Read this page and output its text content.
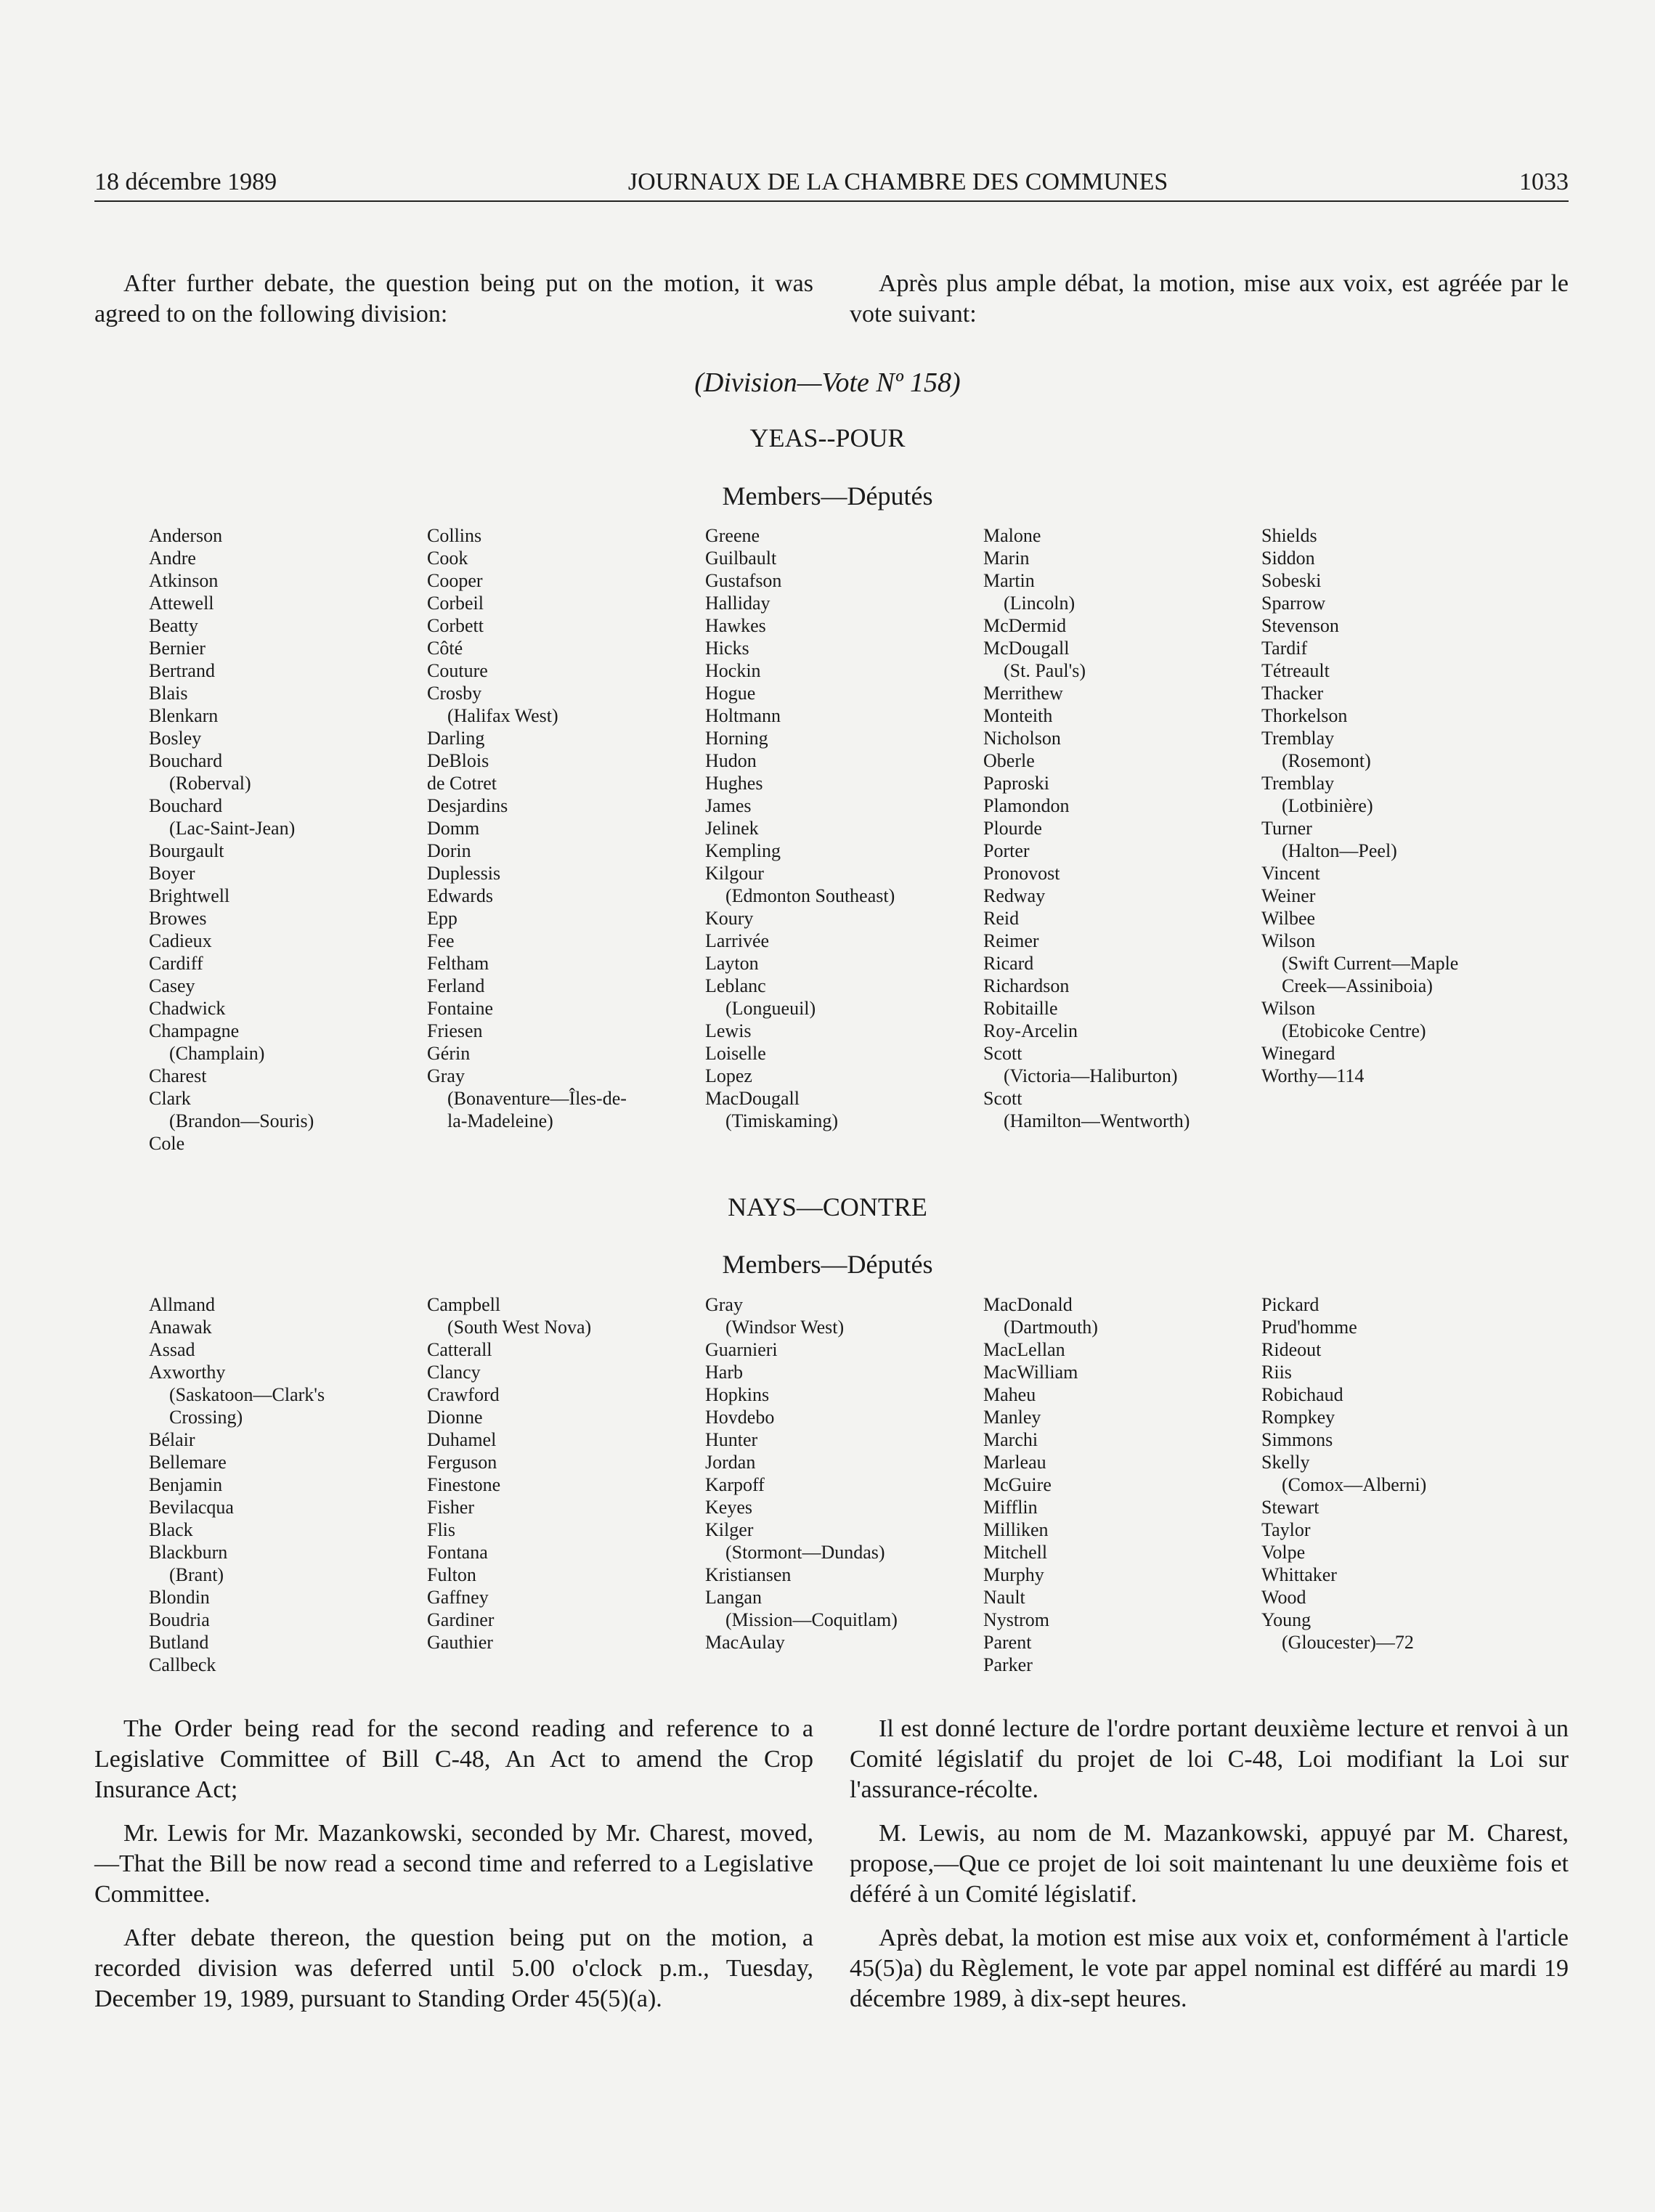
18 décembre 1989	JOURNAUX DE LA CHAMBRE DES COMMUNES	1033
After further debate, the question being put on the motion, it was agreed to on the following division:
Après plus ample débat, la motion, mise aux voix, est agréée par le vote suivant:
(Division—Vote Nº 158)
YEAS--POUR
Members—Députés
Anderson
Andre
Atkinson
Attewell
Beatty
Bernier
Bertrand
Blais
Blenkarn
Bosley
Bouchard
(Roberval)
Bouchard
(Lac-Saint-Jean)
Bourgault
Boyer
Brightwell
Browes
Cadieux
Cardiff
Casey
Chadwick
Champagne
(Champlain)
Charest
Clark
(Brandon—Souris)
Cole
Collins
Cook
Cooper
Corbeil
Corbett
Côté
Couture
Crosby
(Halifax West)
Darling
DeBlois
de Cotret
Desjardins
Domm
Dorin
Duplessis
Edwards
Epp
Fee
Feltham
Ferland
Fontaine
Friesen
Gérin
Gray
(Bonaventure—Îles-de-
la-Madeleine)
Greene
Guilbault
Gustafson
Halliday
Hawkes
Hicks
Hockin
Hogue
Holtmann
Horning
Hudon
Hughes
James
Jelinek
Kempling
Kilgour
(Edmonton Southeast)
Koury
Larrivée
Layton
Leblanc
(Longueuil)
Lewis
Loiselle
Lopez
MacDougall
(Timiskaming)
Malone
Marin
Martin
(Lincoln)
McDermid
McDougall
(St. Paul's)
Merrithew
Monteith
Nicholson
Oberle
Paproski
Plamondon
Plourde
Porter
Pronovost
Redway
Reid
Reimer
Ricard
Richardson
Robitaille
Roy-Arcelin
Scott
(Victoria—Haliburton)
Scott
(Hamilton—Wentworth)
Shields
Siddon
Sobeski
Sparrow
Stevenson
Tardif
Tétreault
Thacker
Thorkelson
Tremblay
(Rosemont)
Tremblay
(Lotbinière)
Turner
(Halton—Peel)
Vincent
Weiner
Wilbee
Wilson
(Swift Current—Maple
Creek—Assiniboia)
Wilson
(Etobicoke Centre)
Winegard
Worthy—114
NAYS—CONTRE
Members—Députés
Allmand
Anawak
Assad
Axworthy
(Saskatoon—Clark's
Crossing)
Bélair
Bellemare
Benjamin
Bevilacqua
Black
Blackburn
(Brant)
Blondin
Boudria
Butland
Callbeck
Campbell
(South West Nova)
Catterall
Clancy
Crawford
Dionne
Duhamel
Ferguson
Finestone
Fisher
Flis
Fontana
Fulton
Gaffney
Gardiner
Gauthier
Gray
(Windsor West)
Guarnieri
Harb
Hopkins
Hovdebo
Hunter
Jordan
Karpoff
Keyes
Kilger
(Stormont—Dundas)
Kristiansen
Langan
(Mission—Coquitlam)
MacAulay
MacDonald
(Dartmouth)
MacLellan
MacWilliam
Maheu
Manley
Marchi
Marleau
McGuire
Mifflin
Milliken
Mitchell
Murphy
Nault
Nystrom
Parent
Parker
Pickard
Prud'homme
Rideout
Riis
Robichaud
Rompkey
Simmons
Skelly
(Comox—Alberni)
Stewart
Taylor
Volpe
Whittaker
Wood
Young
(Gloucester)—72

The Order being read for the second reading and reference to a Legislative Committee of Bill C-48, An Act to amend the Crop Insurance Act;

Mr. Lewis for Mr. Mazankowski, seconded by Mr. Charest, moved,—That the Bill be now read a second time and referred to a Legislative Committee.

After debate thereon, the question being put on the motion, a recorded division was deferred until 5.00 o'clock p.m., Tuesday, December 19, 1989, pursuant to Standing Order 45(5)(a).

Il est donné lecture de l'ordre portant deuxième lecture et renvoi à un Comité législatif du projet de loi C-48, Loi modifiant la Loi sur l'assurance-récolte.

M. Lewis, au nom de M. Mazankowski, appuyé par M. Charest, propose,—Que ce projet de loi soit maintenant lu une deuxième fois et déféré à un Comité législatif.

Après debat, la motion est mise aux voix et, conformément à l'article 45(5)a) du Règlement, le vote par appel nominal est différé au mardi 19 décembre 1989, à dix-sept heures.
